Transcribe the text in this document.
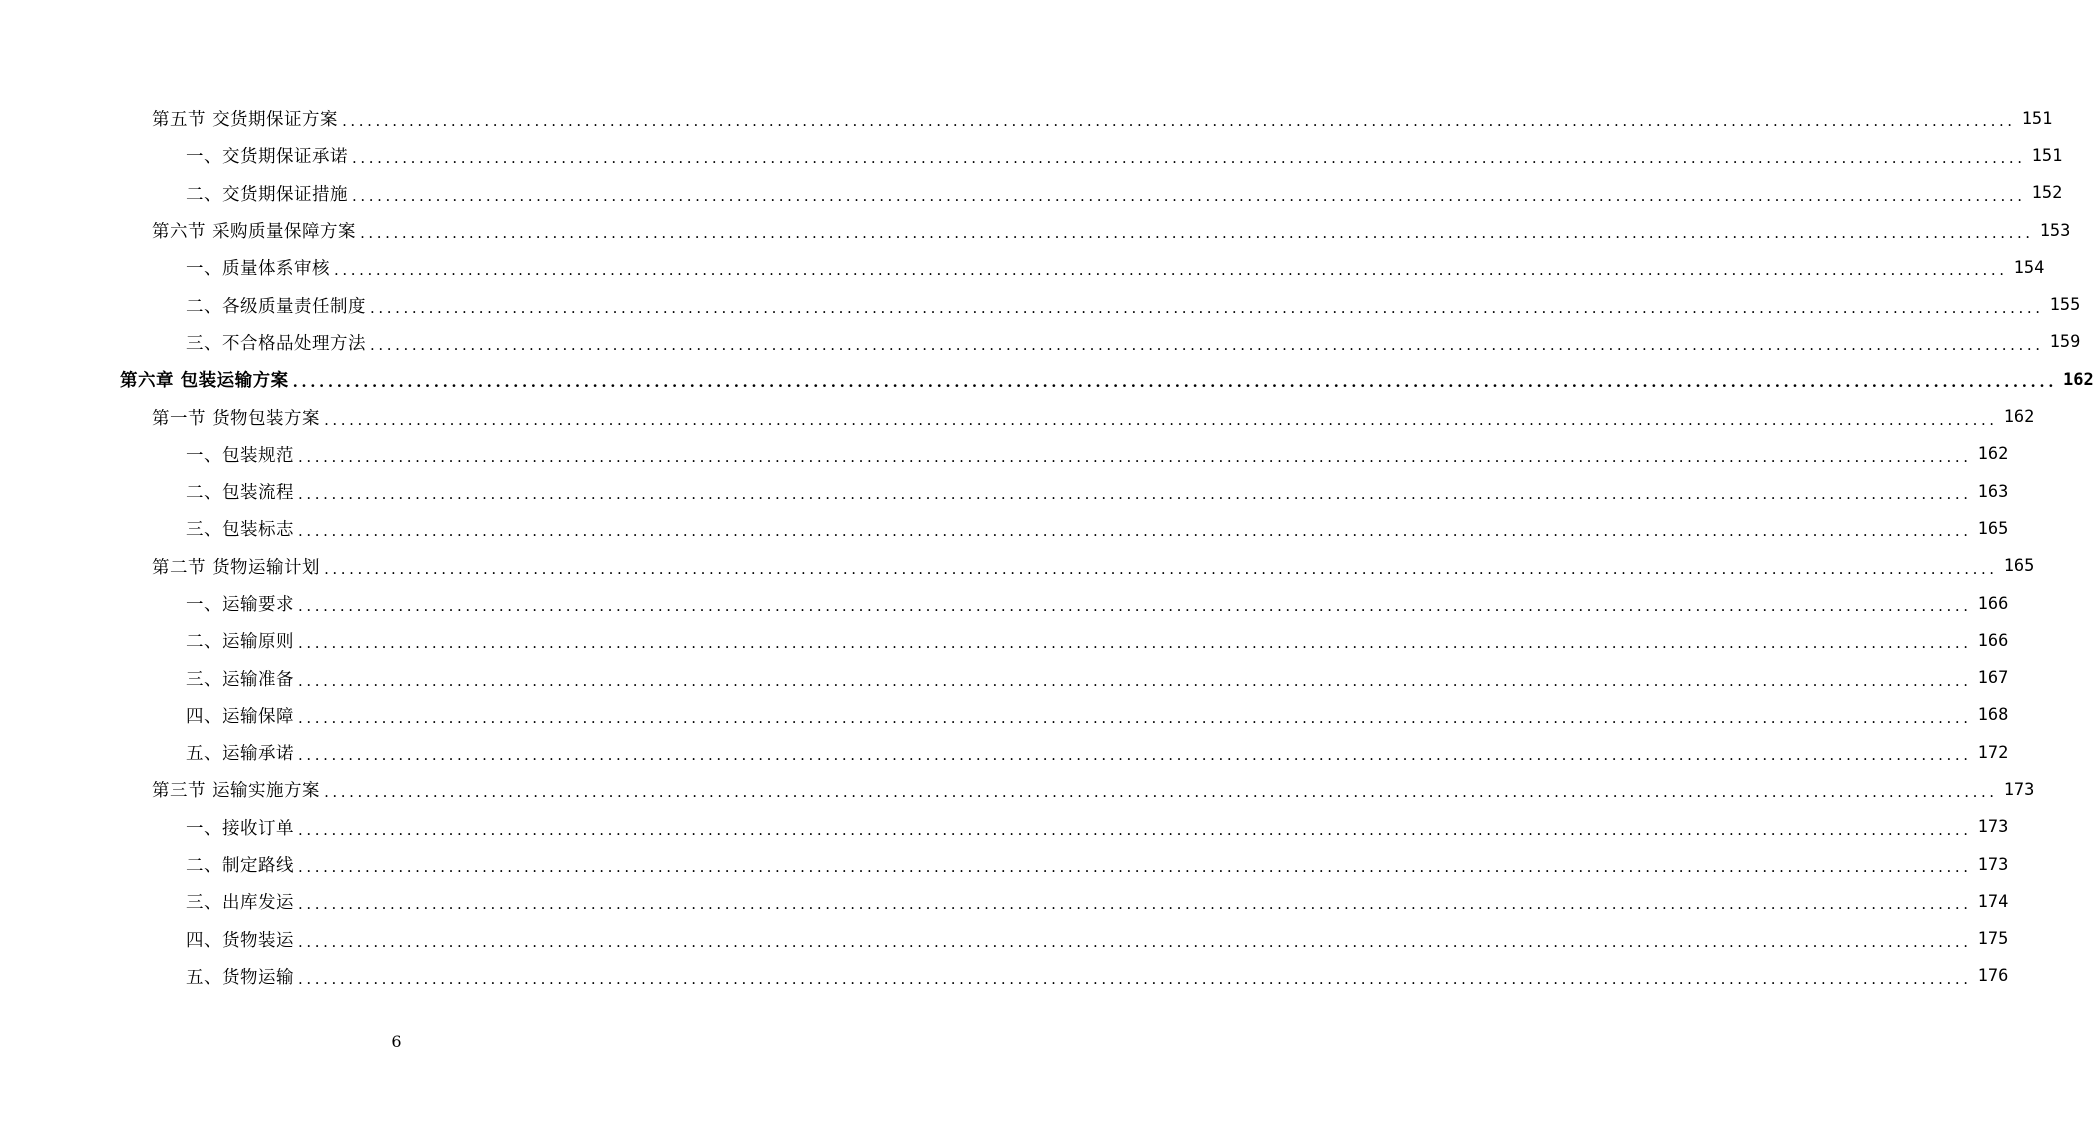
第五节 交货期保证方案 ........................................................................................................................................................................................................ 151
一、交货期保证承诺 ........................................................................................................................................................................................................ 151
二、交货期保证措施 ........................................................................................................................................................................................................ 152
第六节 采购质量保障方案 ........................................................................................................................................................................................................ 153
一、质量体系审核 ........................................................................................................................................................................................................ 154
二、各级质量责任制度 ........................................................................................................................................................................................................ 155
三、不合格品处理方法 ........................................................................................................................................................................................................ 159
第六章 包装运输方案 ........................................................................................................................................................................................................ 162
第一节 货物包装方案 ........................................................................................................................................................................................................ 162
一、包装规范 ........................................................................................................................................................................................................ 162
二、包装流程 ........................................................................................................................................................................................................ 163
三、包装标志 ........................................................................................................................................................................................................ 165
第二节 货物运输计划 ........................................................................................................................................................................................................ 165
一、运输要求 ........................................................................................................................................................................................................ 166
二、运输原则 ........................................................................................................................................................................................................ 166
三、运输准备 ........................................................................................................................................................................................................ 167
四、运输保障 ........................................................................................................................................................................................................ 168
五、运输承诺 ........................................................................................................................................................................................................ 172
第三节 运输实施方案 ........................................................................................................................................................................................................ 173
一、接收订单 ........................................................................................................................................................................................................ 173
二、制定路线 ........................................................................................................................................................................................................ 173
三、出库发运 ........................................................................................................................................................................................................ 174
四、货物装运 ........................................................................................................................................................................................................ 175
五、货物运输 ........................................................................................................................................................................................................ 176
6
